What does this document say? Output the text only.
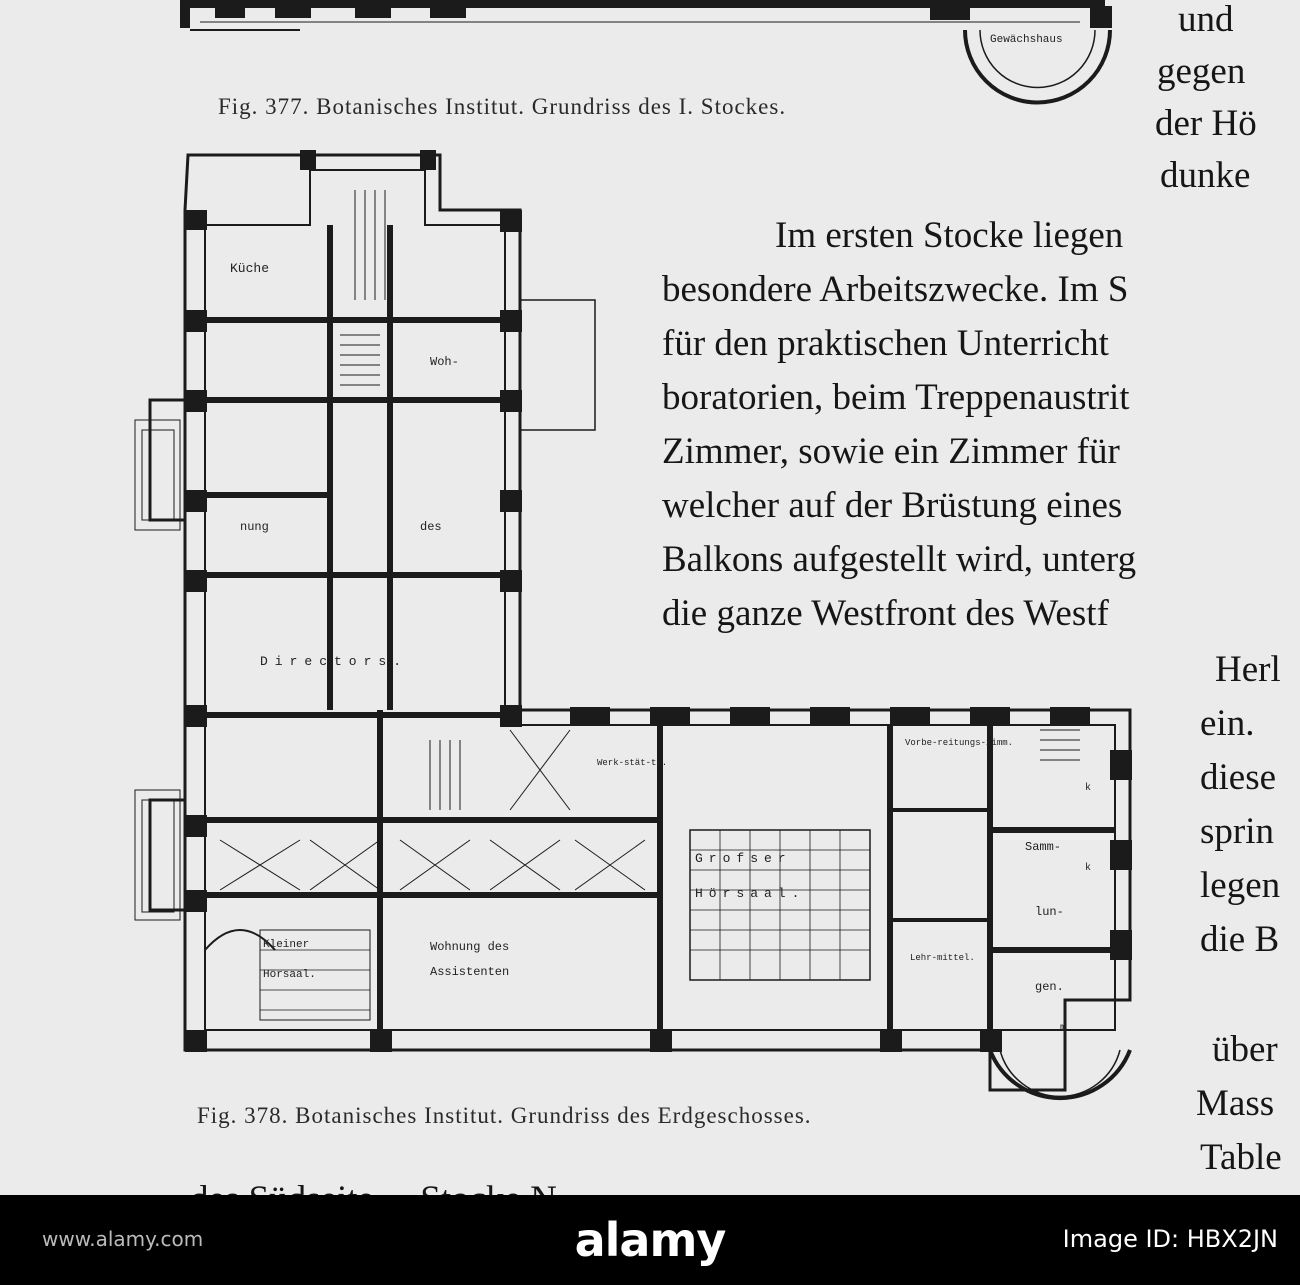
Gewächshaus
Fig. 377. Botanisches Institut. Grundriss des I. Stockes.
Küche
Woh-
nung	des
Directors.
Werk-stät-te.
Vorbe-reitungs-zimm.
Grofser
Hörsaal.
Samm-
lun-
gen.
Kleiner
Hörsaal.
Wohnung des
Assistenten
Lehr-mittel.
k
k
m
Fig. 378. Botanisches Institut. Grundriss des Erdgeschosses.
und
gegen
der Hö
dunke
Im ersten Stocke liegen
besondere Arbeitszwecke. Im S
für den praktischen Unterricht
boratorien, beim Treppenaustrit
Zimmer, sowie ein Zimmer für
welcher auf der Brüstung eines
Balkons aufgestellt wird, unterg
die ganze Westfront des Westf
Herl
ein.
diese
sprin
legen
die B
über
Mass
Table
www.alamy.com	alamy	Image ID: HBX2JN
